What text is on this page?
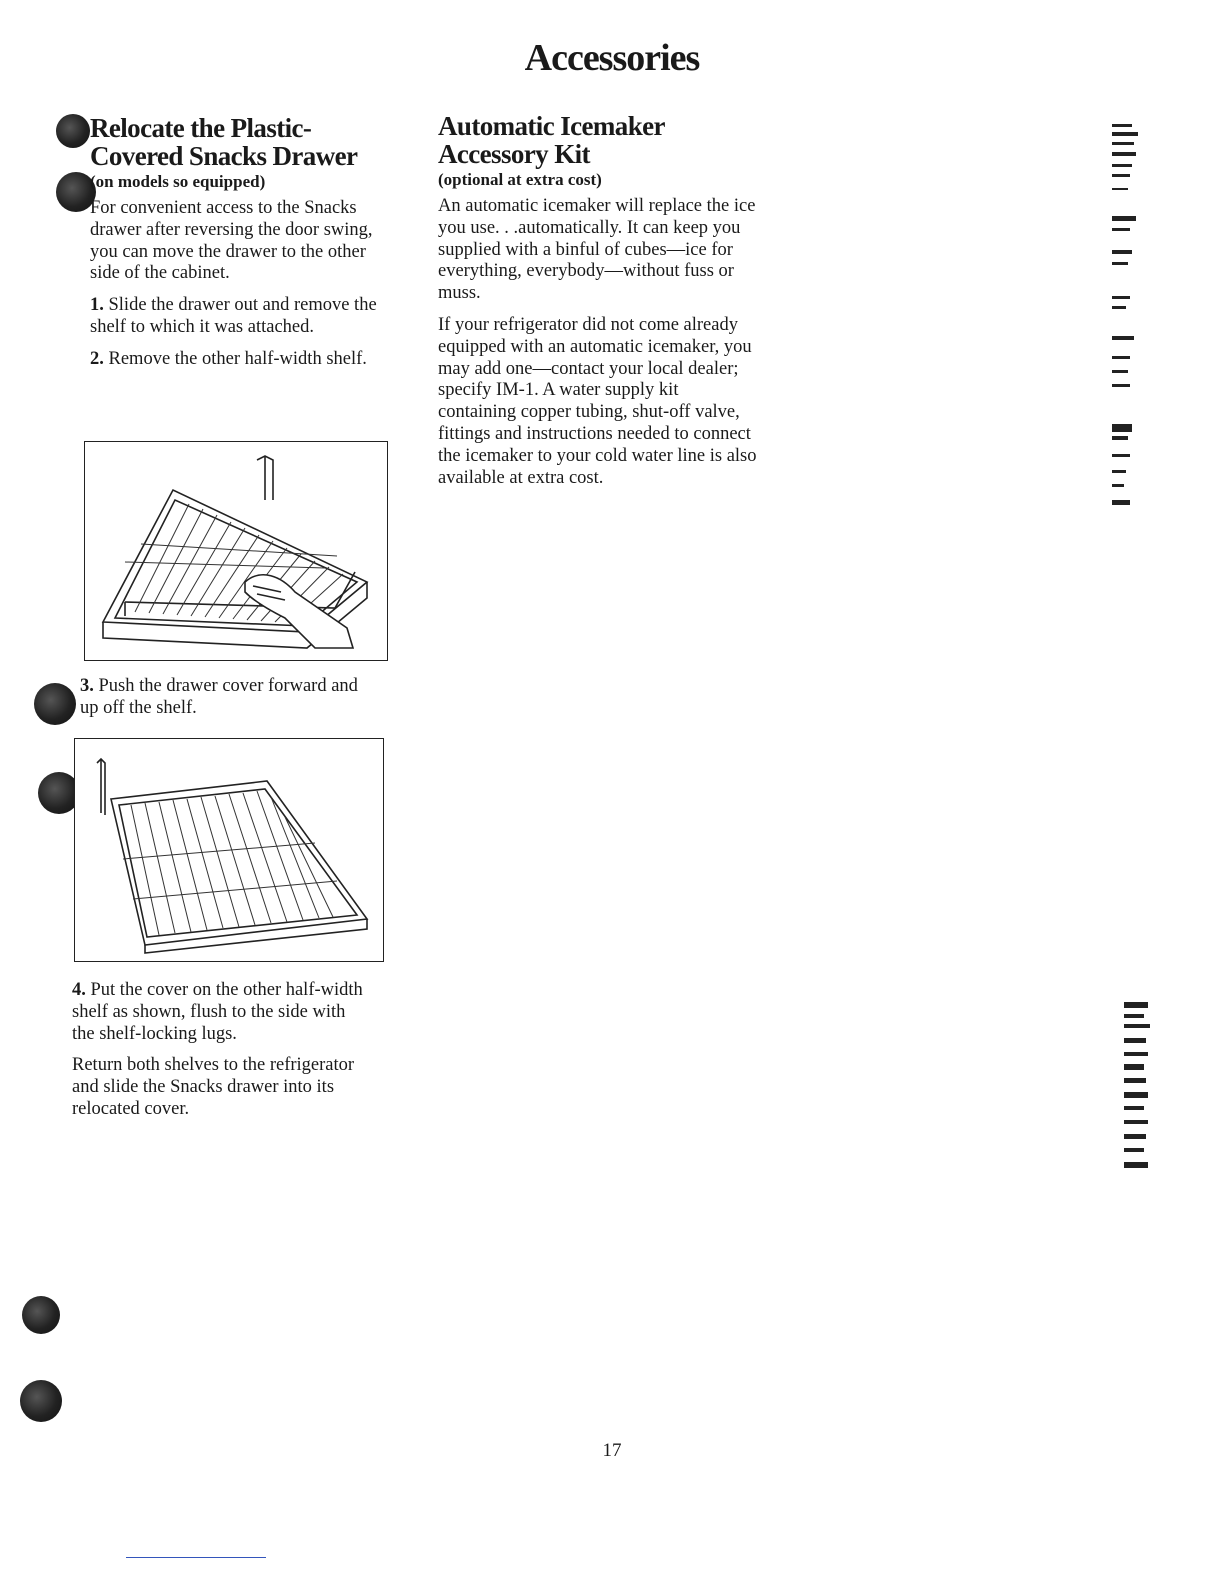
Accessories
Relocate the Plastic-
Covered Snacks Drawer
(on models so equipped)

For convenient access to the Snacks drawer after reversing the door swing, you can move the drawer to the other side of the cabinet.

1. Slide the drawer out and remove the shelf to which it was attached.

2. Remove the other half-width shelf.

3. Push the drawer cover forward and up off the shelf.

4. Put the cover on the other half-width shelf as shown, flush to the side with the shelf-locking lugs.

Return both shelves to the refrigerator and slide the Snacks drawer into its relocated cover.

Automatic Icemaker
Accessory Kit
(optional at extra cost)

An automatic icemaker will replace the ice you use. . .automatically. It can keep you supplied with a binful of cubes—ice for everything, everybody—without fuss or muss.

If your refrigerator did not come already equipped with an automatic icemaker, you may add one—contact your local dealer; specify IM-1. A water supply kit containing copper tubing, shut-off valve, fittings and instructions needed to connect the icemaker to your cold water line is also available at extra cost.

17
